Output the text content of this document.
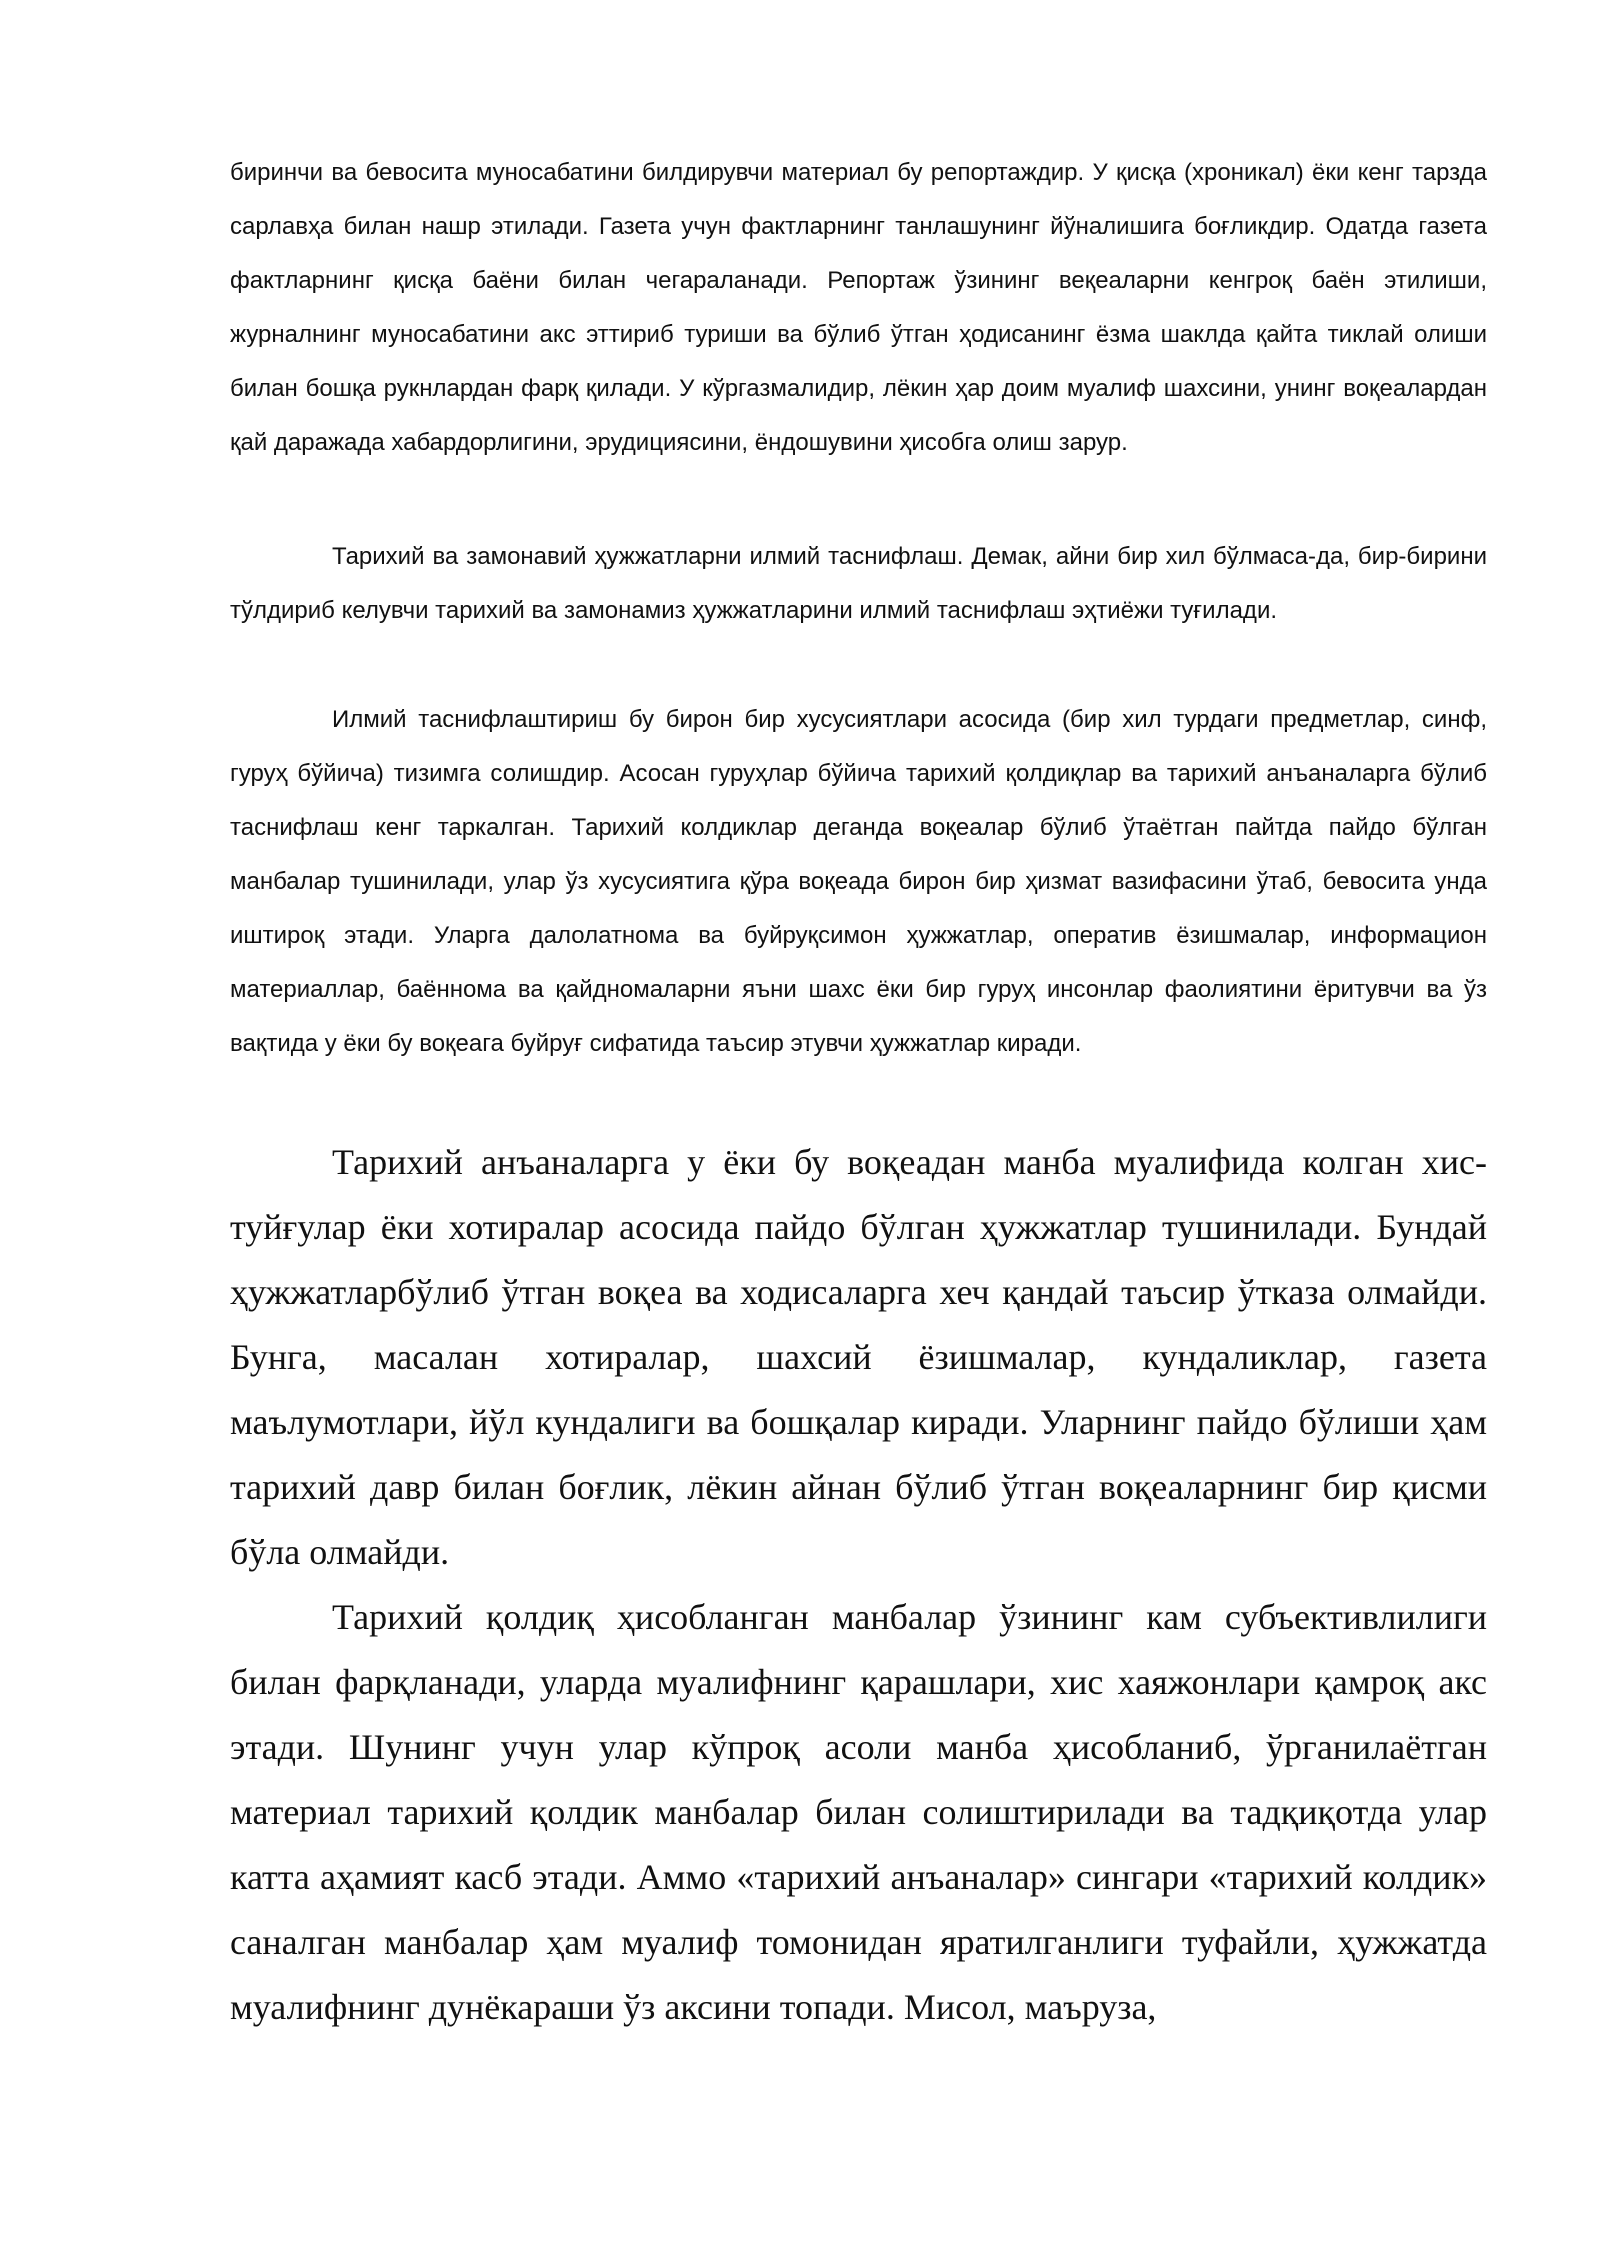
биринчи ва бевосита муносабатини билдирувчи материал бу репортаждир. У қисқа (хроникал) ёки кенг тарзда сарлавҳа билан нашр этилади. Газета учун фактларнинг танлашунинг йўналишига боғликдир. Одатда газета фактларнинг қисқа баёни билан чегараланади. Репортаж ўзининг веқеаларни кенгроқ баён этилиши, журналнинг муносабатини акс эттириб туриши ва бўлиб ўтган ҳодисанинг ёзма шаклда қайта тиклай олиши билан бошқа рукнлардан фарқ қилади. У кўргазмалидир, лёкин ҳар доим муалиф шахсини, унинг воқеалардан қай даражада хабардорлигини, эрудициясини, ёндошувини ҳисобга олиш зарур.

Тарихий ва замонавий ҳужжатларни илмий таснифлаш. Демак, айни бир хил бўлмаса-да, бир-бирини тўлдириб келувчи тарихий ва замонамиз ҳужжатларини илмий таснифлаш эҳтиёжи туғилади.

Илмий таснифлаштириш бу бирон бир хусусиятлари асосида (бир хил турдаги предметлар, синф, гуруҳ бўйича) тизимга солишдир. Асосан гуруҳлар бўйича тарихий қолдиқлар ва тарихий анъаналарга бўлиб таснифлаш кенг таркалган. Тарихий колдиклар деганда воқеалар бўлиб ўтаётган пайтда пайдо бўлган манбалар тушинилади, улар ўз хусусиятига қўра воқеада бирон бир ҳизмат вазифасини ўтаб, бевосита унда иштироқ этади. Уларга далолатнома ва буйруқсимон ҳужжатлар, оператив ёзишмалар, информацион материаллар, баённома ва қайдномаларни яъни шахс ёки бир гуруҳ инсонлар фаолиятини ёритувчи ва ўз вақтида у ёки бу воқеага буйруғ сифатида таъсир этувчи ҳужжатлар киради.

Тарихий анъаналарга у ёки бу воқеадан манба муалифида колган хис-туйғулар ёки хотиралар асосида пайдо бўлган ҳужжатлар тушинилади. Бундай ҳужжатларбўлиб ўтган воқеа ва ходисаларга хеч қандай таъсир ўтказа олмайди. Бунга, масалан хотиралар, шахсий ёзишмалар, кундаликлар, газета маълумотлари, йўл кундалиги ва бошқалар киради. Уларнинг пайдо бўлиши ҳам тарихий давр билан боғлик, лёкин айнан бўлиб ўтган воқеаларнинг бир қисми бўла олмайди.

Тарихий қолдиқ ҳисобланган манбалар ўзининг кам субъективлилиги билан фарқланади, уларда муалифнинг қарашлари, хис хаяжонлари қамроқ акс этади. Шунинг учун улар кўпроқ асоли манба ҳисобланиб, ўрганилаётган материал тарихий қолдик манбалар билан солиштирилади ва тадқиқотда улар катта аҳамият касб этади. Аммо «тарихий анъаналар» сингари «тарихий колдик» саналган манбалар ҳам муалиф томонидан яратилганлиги туфайли, ҳужжатда муалифнинг дунёкараши ўз аксини топади. Мисол, маъруза,
